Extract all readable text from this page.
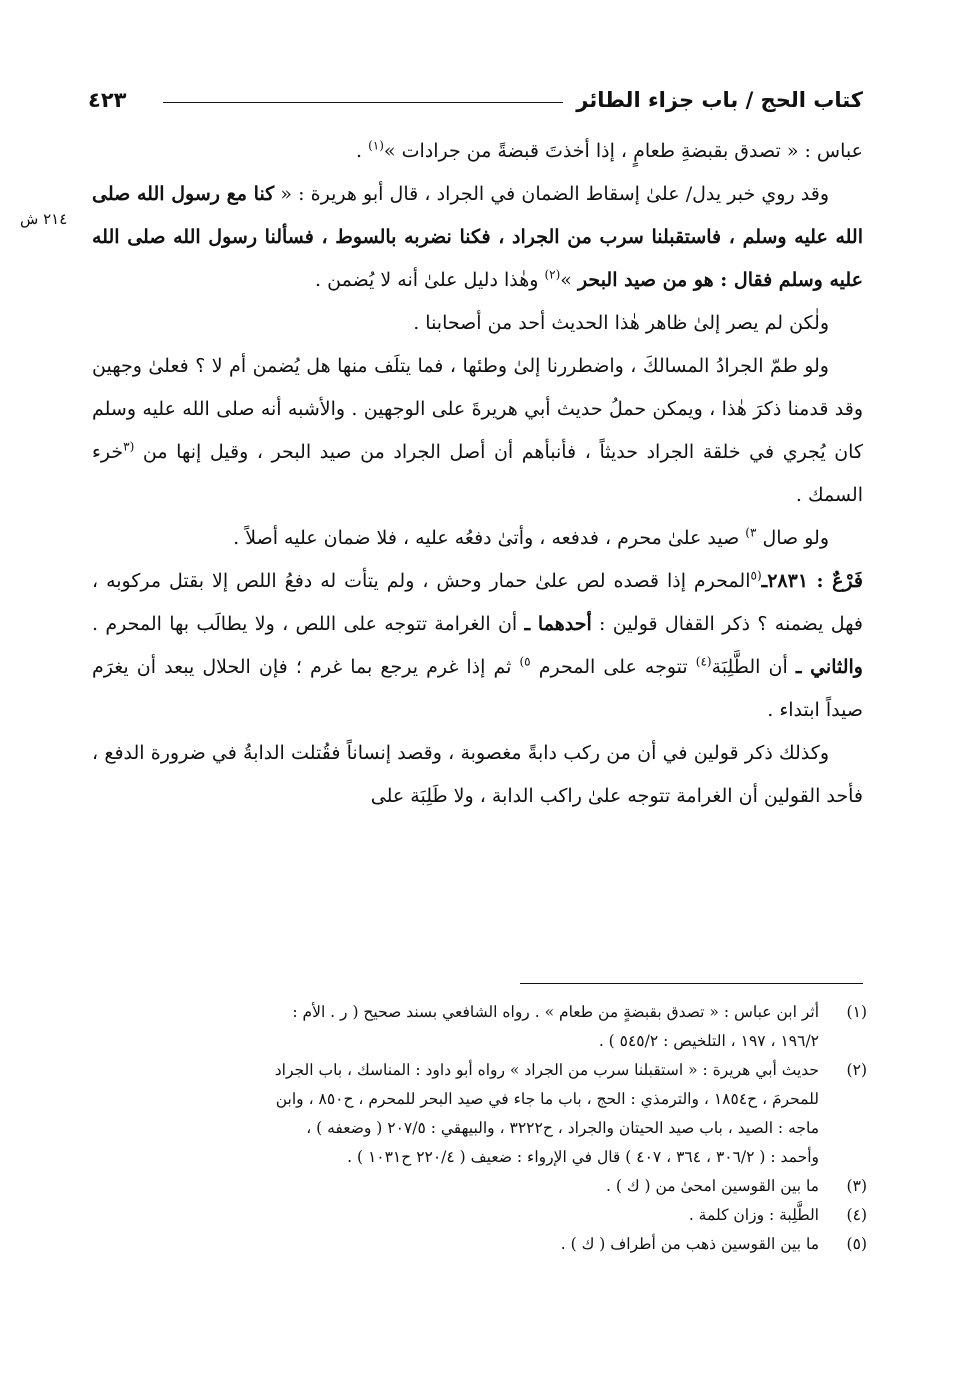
كتاب الحج / باب جزاء الطائر
٤٢٣
٢١٤ ش

عباس : « تصدق بقبضةِ طعامٍ ، إذا أخذتَ قبضةً من جرادات »$^{(١)}$ .

وقد روي خبر يدل/ علىٰ إسقاط الضمان في الجراد ، قال أبو هريرة : « كنا مع رسول الله صلى الله عليه وسلم ، فاستقبلنا سرب من الجراد ، فكنا نضربه بالسوط ، فسألنا رسول الله صلى الله عليه وسلم فقال : هو من صيد البحر »$^{(٢)}$ وهٰذا دليل علىٰ أنه لا يُضمن .

ولٰكن لم يصر إلىٰ ظاهر هٰذا الحديث أحد من أصحابنا .

ولو طمّ الجرادُ المسالكَ ، واضطررنا إلىٰ وطئها ، فما يتلَف منها هل يُضمن أم لا ؟ فعلىٰ وجهين وقد قدمنا ذكرَ هٰذا ، ويمكن حملُ حديث أبي هريرةَ على الوجهين . والأشبه أنه صلى الله عليه وسلم كان يُجري في خلقة الجراد حديثاً ، فأنبأهم أن أصل الجراد من صيد البحر ، وقيل إنها من $^{(٣}$خرء السمك .

ولو صال $^{٣)}$ صيد علىٰ محرم ، فدفعه ، وأتىٰ دفعُه عليه ، فلا ضمان عليه أصلاً .

فَرْعٌ : ٢٨٣١ـ$^{(٥}$المحرم إذا قصده لص علىٰ حمار وحش ، ولم يتأت له دفعُ اللص إلا بقتل مركوبه ، فهل يضمنه ؟ ذكر القفال قولين : أحدهما ـ أن الغرامة تتوجه على اللص ، ولا يطالَب بها المحرم . والثاني ـ أن الطَّلِبَة$^{(٤)}$ تتوجه على المحرم $^{٥)}$ ثم إذا غرم يرجع بما غرم ؛ فإن الحلال يبعد أن يغرَم صيداً ابتداء .

وكذلك ذكر قولين في أن من ركب دابةً مغصوبة ، وقصد إنساناً فقُتلت الدابةُ في ضرورة الدفع ، فأحد القولين أن الغرامة تتوجه علىٰ راكب الدابة ، ولا طَلِبَة على

(١)
أثر ابن عباس : « تصدق بقبضةٍ من طعام » . رواه الشافعي بسند صحيح ( ر . الأم :
١٩٦/٢ ، ١٩٧ ، التلخيص : ٥٤٥/٢ ) .
(٢)
حديث أبي هريرة : « استقبلنا سرب من الجراد » رواه أبو داود : المناسك ، باب الجراد
للمحرمَ ، ح١٨٥٤ ، والترمذي : الحج ، باب ما جاء في صيد البحر للمحرم ، ح٨٥٠ ، وابن
ماجه : الصيد ، باب صيد الحيتان والجراد ، ح٣٢٢٢ ، والبيهقي : ٢٠٧/٥ ( وضعفه ) ،
وأحمد : ( ٣٠٦/٢ ، ٣٦٤ ، ٤٠٧ ) قال في الإرواء : ضعيف ( ٢٢٠/٤ ح١٠٣١ ) .
(٣)
ما بين القوسين امحىٰ من ( ك ) .
(٤)
الطَّلِبة : وزان كلمة .
(٥)
ما بين القوسين ذهب من أطراف ( ك ) .
